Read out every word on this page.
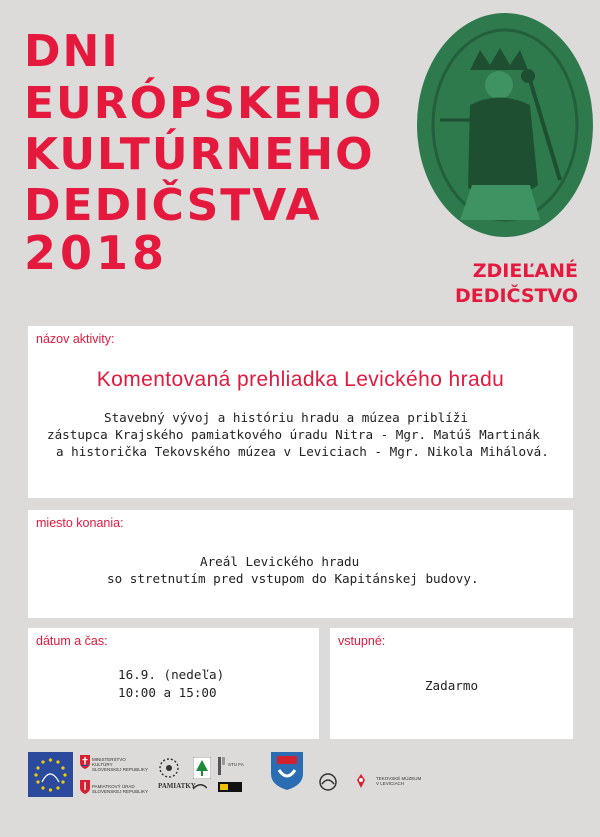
DNI
EURÓPSKEHO
KULTÚRNEHO
DEDIČSTVA
2018	ZDIEĽANÉ
DEDIČSTVO
názov aktivity:
Komentovaná prehliadka Levického hradu
Stavebný vývoj a históriu hradu a múzea priblíži
zástupca Krajského pamiatkového úradu Nitra - Mgr. Matúš Martinák
a historička Tekovského múzea v Leviciach - Mgr. Nikola Mihálová.
miesto konania:
Areál Levického hradu
so stretnutím pred vstupom do Kapitánskej budovy.
dátum a čas:
16.9. (nedeľa)
10:00 a 15:00
vstupné:
Zadarmo
MINISTERSTVO
KULTÚRY
SLOVENSKEJ REPUBLIKY
PAMIATKOVÝ ÚRAD
SLOVENSKEJ REPUBLIKY
STU FA
PAMIATKY
TEKOVSKÉ MÚZEUM
V LEVICIACH
